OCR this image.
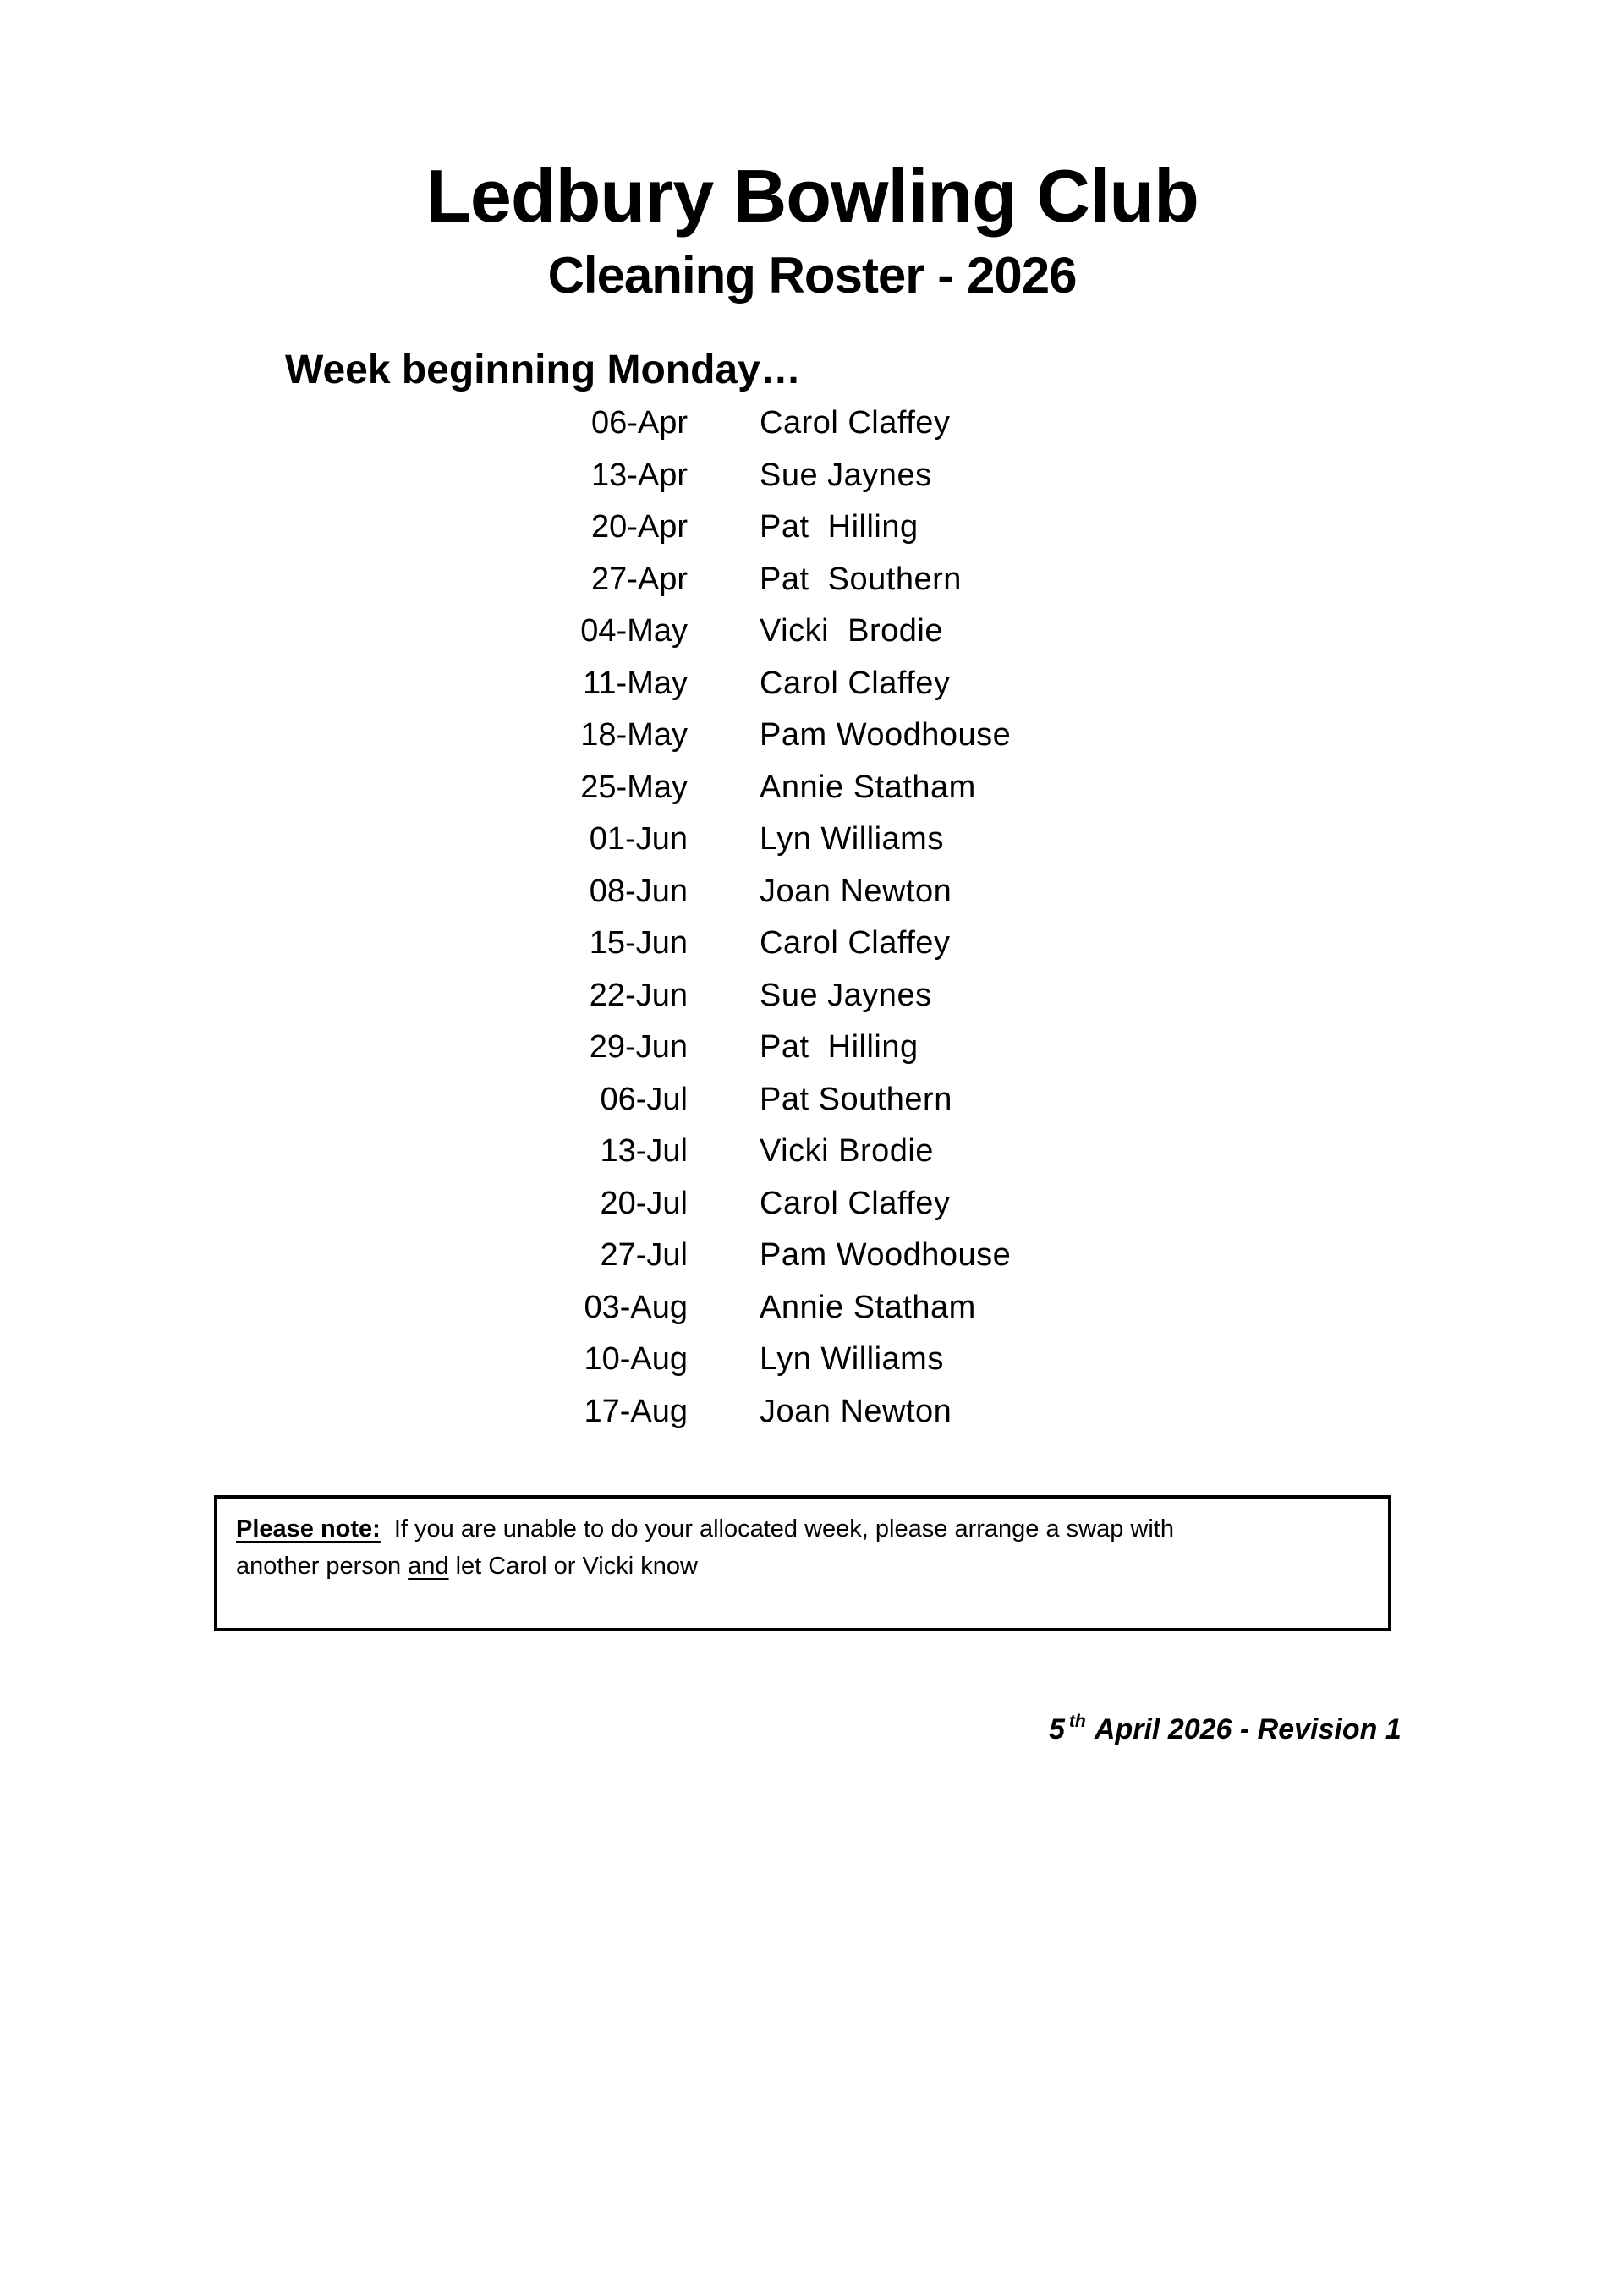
Ledbury Bowling Club
Cleaning Roster - 2026
Week beginning Monday…
06-Apr Carol Claffey
13-Apr Sue Jaynes
20-Apr Pat  Hilling
27-Apr Pat  Southern
04-May Vicki  Brodie
11-May Carol Claffey
18-May Pam Woodhouse
25-May Annie Statham
01-Jun Lyn Williams
08-Jun Joan Newton
15-Jun Carol Claffey
22-Jun Sue Jaynes
29-Jun Pat  Hilling
06-Jul Pat Southern
13-Jul Vicki Brodie
20-Jul Carol Claffey
27-Jul Pam Woodhouse
03-Aug Annie Statham
10-Aug Lyn Williams
17-Aug Joan Newton
Please note: If you are unable to do your allocated week, please arrange a swap with
another person and let Carol or Vicki know
5 $^{th}$ April 2026 - Revision 1
